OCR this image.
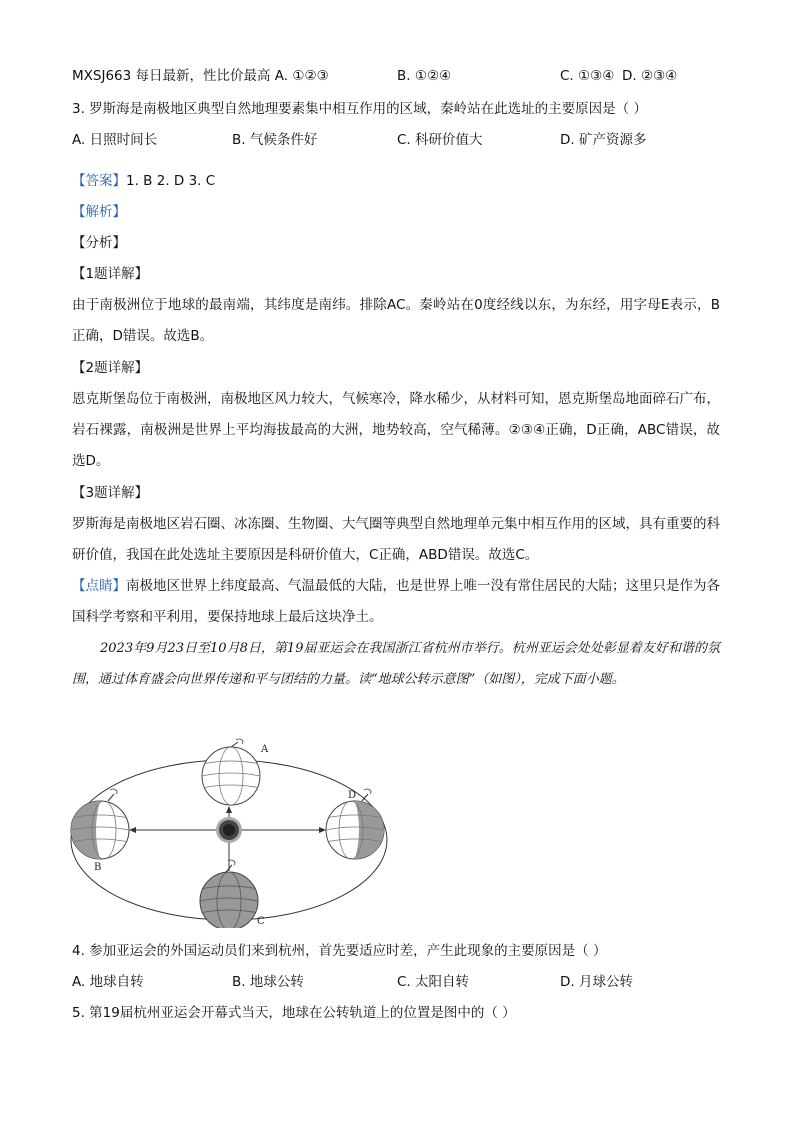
MXSJ663 每日最新，性比价最高 A. ①②③	B. ①②④	C. ①③④ D. ②③④
3. 罗斯海是南极地区典型自然地理要素集中相互作用的区域，秦岭站在此选址的主要原因是（ ）
A. 日照时间长	B. 气候条件好	C. 科研价值大	D. 矿产资源多
【答案】1. B 2. D 3. C
【解析】
【分析】
【1题详解】
由于南极洲位于地球的最南端，其纬度是南纬。排除AC。秦岭站在0度经线以东，为东经，用字母E表示，B正确，D错误。故选B。
【2题详解】
恩克斯堡岛位于南极洲，南极地区风力较大，气候寒冷，降水稀少，从材料可知，恩克斯堡岛地面碎石广布，岩石裸露，南极洲是世界上平均海拔最高的大洲，地势较高，空气稀薄。②③④正确，D正确，ABC错误，故选D。
【3题详解】
罗斯海是南极地区岩石圈、冰冻圈、生物圈、大气圈等典型自然地理单元集中相互作用的区域，具有重要的科研价值，我国在此处选址主要原因是科研价值大，C正确，ABD错误。故选C。
【点睛】南极地区世界上纬度最高、气温最低的大陆，也是世界上唯一没有常住居民的大陆；这里只是作为各国科学考察和平利用，要保持地球上最后这块净土。
2023年9月23日至10月8日，第19届亚运会在我国浙江省杭州市举行。杭州亚运会处处彰显着友好和谐的氛围，通过体育盛会向世界传递和平与团结的力量。读“地球公转示意图”（如图），完成下面小题。
A
B
C
D
4. 参加亚运会的外国运动员们来到杭州，首先要适应时差，产生此现象的主要原因是（ ）
A. 地球自转	B. 地球公转	C. 太阳自转	D. 月球公转
5. 第19届杭州亚运会开幕式当天，地球在公转轨道上的位置是图中的（ ）
